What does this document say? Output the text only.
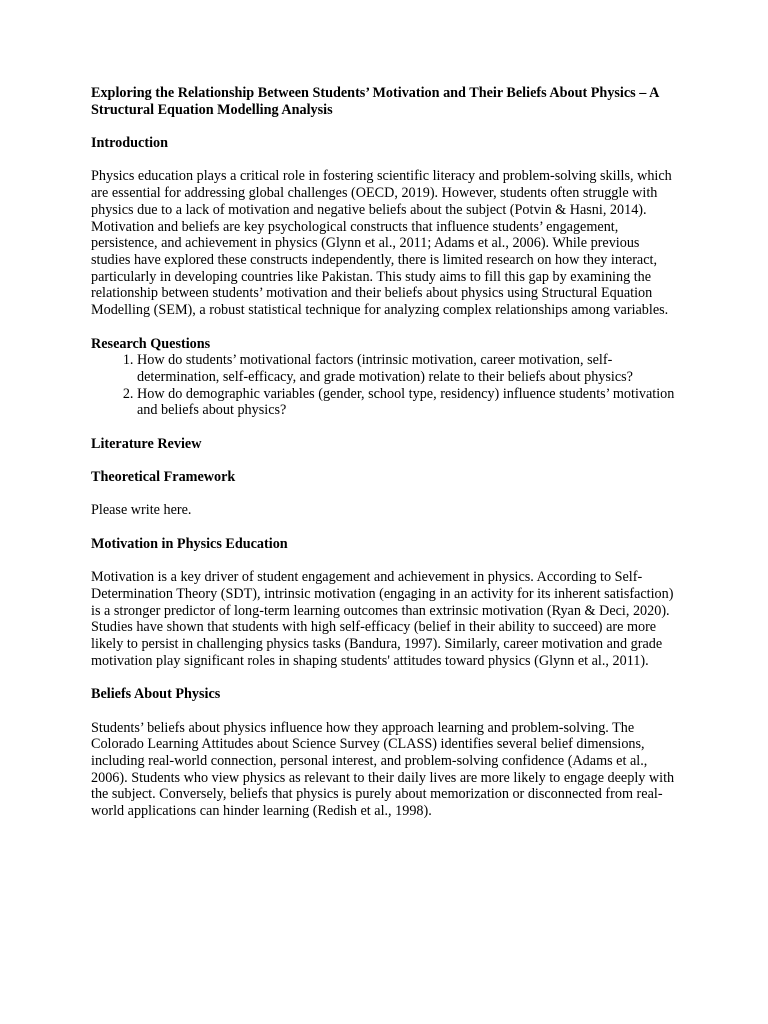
Exploring the Relationship Between Students’ Motivation and Their Beliefs About Physics – A Structural Equation Modelling Analysis

Introduction

Physics education plays a critical role in fostering scientific literacy and problem-solving skills, which are essential for addressing global challenges (OECD, 2019). However, students often struggle with physics due to a lack of motivation and negative beliefs about the subject (Potvin & Hasni, 2014). Motivation and beliefs are key psychological constructs that influence students’ engagement, persistence, and achievement in physics (Glynn et al., 2011; Adams et al., 2006). While previous studies have explored these constructs independently, there is limited research on how they interact, particularly in developing countries like Pakistan. This study aims to fill this gap by examining the relationship between students’ motivation and their beliefs about physics using Structural Equation Modelling (SEM), a robust statistical technique for analyzing complex relationships among variables.

Research Questions

1. How do students’ motivational factors (intrinsic motivation, career motivation, self-determination, self-efficacy, and grade motivation) relate to their beliefs about physics?
2. How do demographic variables (gender, school type, residency) influence students’ motivation and beliefs about physics?

Literature Review

Theoretical Framework

Please write here.

Motivation in Physics Education

Motivation is a key driver of student engagement and achievement in physics. According to Self-Determination Theory (SDT), intrinsic motivation (engaging in an activity for its inherent satisfaction) is a stronger predictor of long-term learning outcomes than extrinsic motivation (Ryan & Deci, 2020). Studies have shown that students with high self-efficacy (belief in their ability to succeed) are more likely to persist in challenging physics tasks (Bandura, 1997). Similarly, career motivation and grade motivation play significant roles in shaping students' attitudes toward physics (Glynn et al., 2011).

Beliefs About Physics

Students’ beliefs about physics influence how they approach learning and problem-solving. The Colorado Learning Attitudes about Science Survey (CLASS) identifies several belief dimensions, including real-world connection, personal interest, and problem-solving confidence (Adams et al., 2006). Students who view physics as relevant to their daily lives are more likely to engage deeply with the subject. Conversely, beliefs that physics is purely about memorization or disconnected from real-world applications can hinder learning (Redish et al., 1998).
